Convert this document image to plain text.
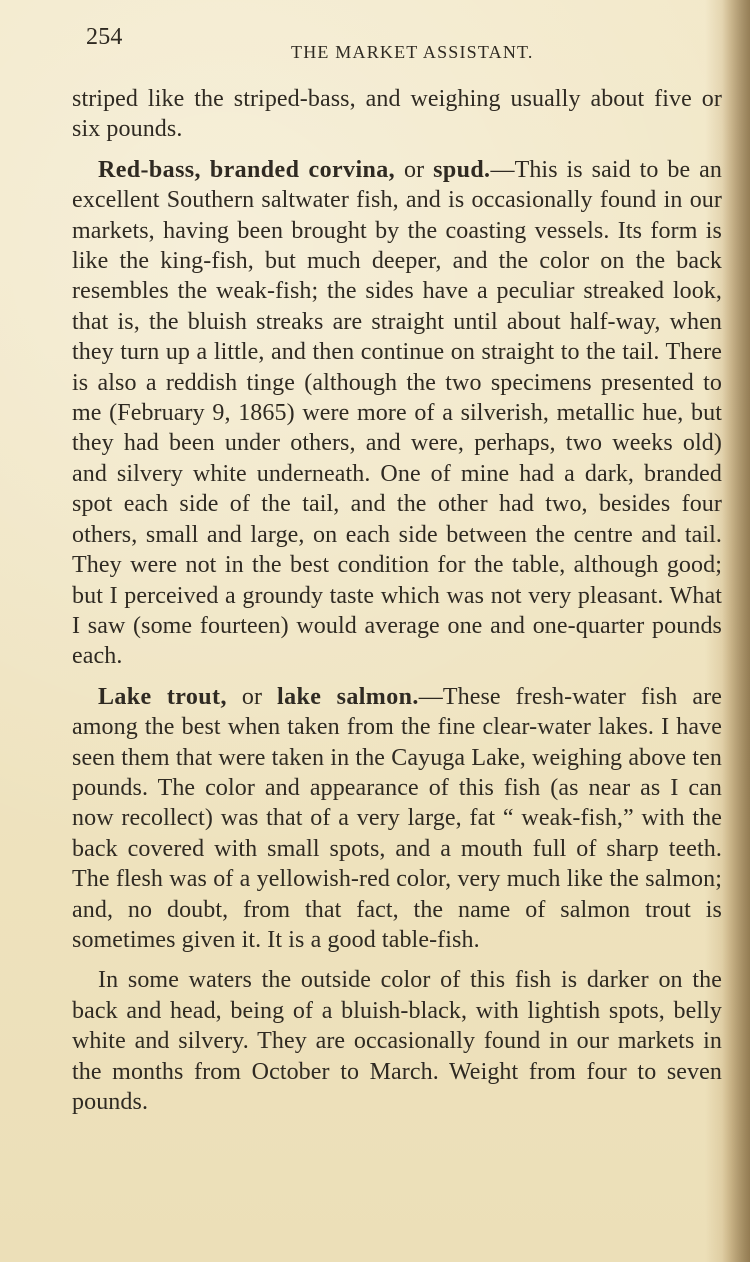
254
THE MARKET ASSISTANT.

striped like the striped-bass, and weighing usually about five or six pounds.

Red-bass, branded corvina, or spud.—This is said to be an excellent Southern saltwater fish, and is occasionally found in our markets, having been brought by the coasting vessels. Its form is like the king-fish, but much deeper, and the color on the back resembles the weak-fish; the sides have a peculiar streaked look, that is, the bluish streaks are straight until about half-way, when they turn up a little, and then continue on straight to the tail. There is also a reddish tinge (although the two specimens presented to me (February 9, 1865) were more of a silverish, metallic hue, but they had been under others, and were, perhaps, two weeks old) and silvery white underneath. One of mine had a dark, branded spot each side of the tail, and the other had two, besides four others, small and large, on each side between the centre and tail. They were not in the best condition for the table, although good; but I perceived a groundy taste which was not very pleasant. What I saw (some fourteen) would average one and one-quarter pounds each.

Lake trout, or lake salmon.—These fresh-water fish are among the best when taken from the fine clear-water lakes. I have seen them that were taken in the Cayuga Lake, weighing above ten pounds. The color and appearance of this fish (as near as I can now recollect) was that of a very large, fat “ weak-fish,” with the back covered with small spots, and a mouth full of sharp teeth. The flesh was of a yellowish-red color, very much like the salmon; and, no doubt, from that fact, the name of salmon trout is sometimes given it. It is a good table-fish.

In some waters the outside color of this fish is darker on the back and head, being of a bluish-black, with lightish spots, belly white and silvery. They are occasionally found in our markets in the months from October to March. Weight from four to seven pounds.
